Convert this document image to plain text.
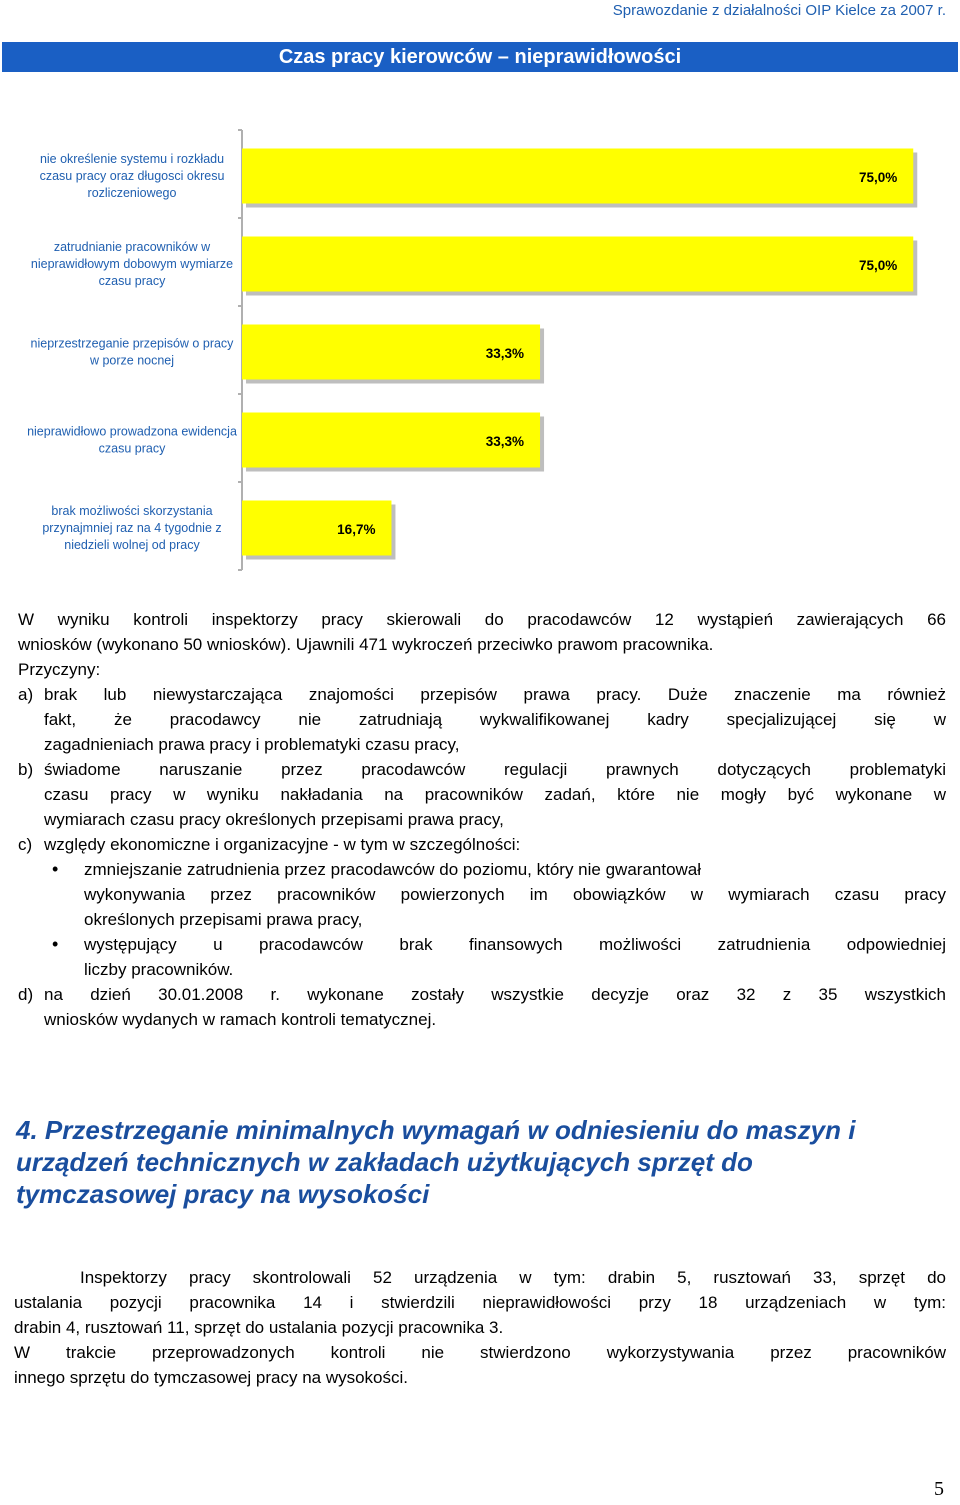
Sprawozdanie z działalności OIP Kielce za 2007 r.
Czas pracy kierowców – nieprawidłowości
75,0%
nie określenie systemu i rozkładu
czasu pracy oraz długosci okresu
rozliczeniowego
75,0%
zatrudnianie pracowników w
nieprawidłowym dobowym wymiarze
czasu pracy
33,3%
nieprzestrzeganie przepisów o pracy
w porze nocnej
33,3%
nieprawidłowo prowadzona ewidencja
czasu pracy
16,7%
brak możliwości skorzystania
przynajmniej raz na 4 tygodnie z
niedzieli wolnej od pracy
W wyniku kontroli inspektorzy pracy skierowali do pracodawców 12 wystąpień zawierających 66
wniosków (wykonano 50 wniosków). Ujawnili 471 wykroczeń przeciwko prawom pracownika.
Przyczyny:
a) brak lub niewystarczająca znajomości przepisów prawa pracy. Duże znaczenie ma również
fakt, że pracodawcy nie zatrudniają wykwalifikowanej kadry specjalizującej się w
zagadnieniach prawa pracy i problematyki czasu pracy,
b) świadome naruszanie przez pracodawców regulacji prawnych dotyczących problematyki
czasu pracy w wyniku nakładania na pracowników zadań, które nie mogły być wykonane w
wymiarach czasu pracy określonych przepisami prawa pracy,
c) względy ekonomiczne i organizacyjne - w tym w szczególności:
•	zmniejszanie zatrudnienia przez pracodawców do poziomu, który nie gwarantował
wykonywania przez pracowników powierzonych im obowiązków w wymiarach czasu pracy
określonych przepisami prawa pracy,
•	występujący u pracodawców brak finansowych możliwości zatrudnienia odpowiedniej
liczby pracowników.
d) na dzień 30.01.2008 r. wykonane zostały wszystkie decyzje oraz 32 z 35 wszystkich
wniosków wydanych w ramach kontroli tematycznej.
4. Przestrzeganie minimalnych wymagań w odniesieniu do maszyn i
urządzeń technicznych w zakładach użytkujących sprzęt do
tymczasowej pracy na wysokości
Inspektorzy pracy skontrolowali 52 urządzenia w tym: drabin 5, rusztowań 33, sprzęt do
ustalania pozycji pracownika 14 i stwierdzili nieprawidłowości przy 18 urządzeniach w tym:
drabin 4, rusztowań 11, sprzęt do ustalania pozycji pracownika 3.
W trakcie przeprowadzonych kontroli nie stwierdzono wykorzystywania przez pracowników
innego sprzętu do tymczasowej pracy na wysokości.
5
